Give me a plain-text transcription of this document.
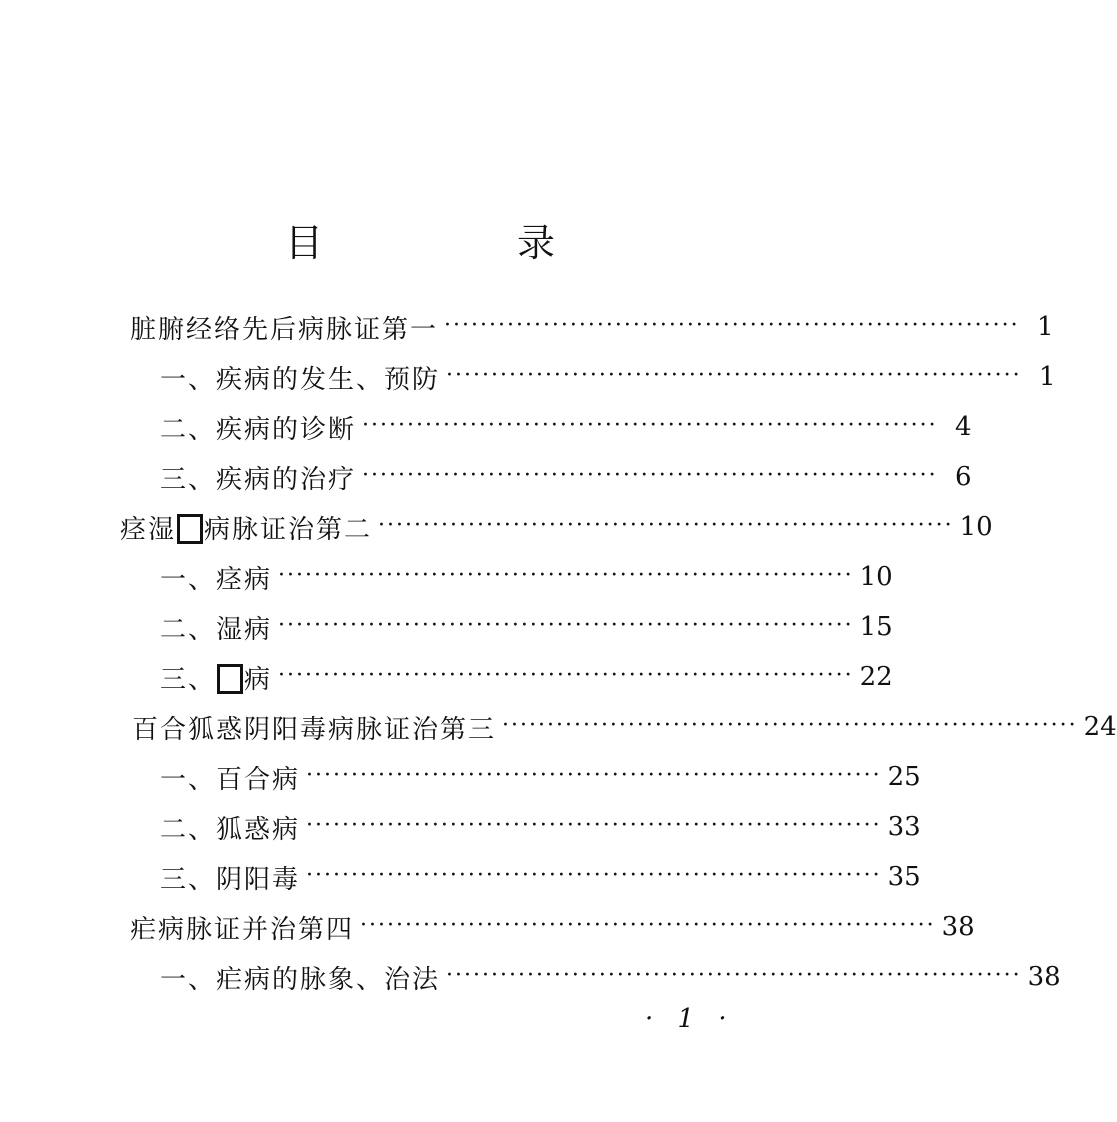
目　录
脏腑经络先后病脉证第一 ································································ 1
一、疾病的发生、预防 ································································ 1
二、疾病的诊断 ································································ 4
三、疾病的治疗 ································································ 6
痉湿 病脉证治第二 ································································ 10
一、痉病 ································································ 10
二、湿病 ································································ 15
三、 病 ································································ 22
百合狐惑阴阳毒病脉证治第三 ································································ 24
一、百合病 ································································ 25
二、狐惑病 ································································ 33
三、阴阳毒 ································································ 35
疟病脉证并治第四 ································································ 38
一、疟病的脉象、治法 ································································ 38
· 1 ·
